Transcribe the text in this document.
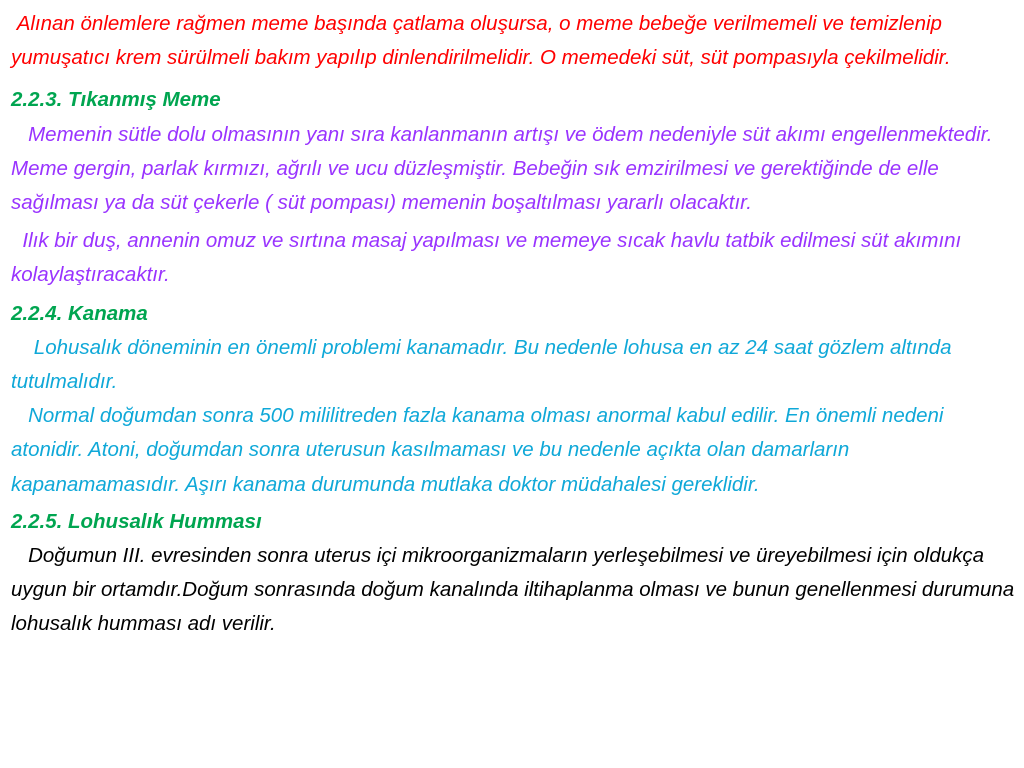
Alınan önlemlere rağmen meme başında çatlama oluşursa, o meme bebeğe verilmemeli ve temizlenip yumuşatıcı krem sürülmeli bakım yapılıp dinlendirilmelidir. O memedeki süt, süt pompasıyla çekilmelidir.

2.2.3. Tıkanmış Meme

Memenin sütle dolu olmasının yanı sıra kanlanmanın artışı ve ödem nedeniyle süt akımı engellenmektedir. Meme gergin, parlak kırmızı, ağrılı ve ucu düzleşmiştir. Bebeğin sık emzirilmesi ve gerektiğinde de elle sağılması ya da süt çekerle ( süt pompası) memenin boşaltılması yararlı olacaktır.

Ilık bir duş, annenin omuz ve sırtına masaj yapılması ve memeye sıcak havlu tatbik edilmesi süt akımını kolaylaştıracaktır.

2.2.4. Kanama

Lohusalık döneminin en önemli problemi kanamadır. Bu nedenle lohusa en az 24 saat gözlem altında tutulmalıdır.

Normal doğumdan sonra 500 mililitreden fazla kanama olması anormal kabul edilir. En önemli nedeni atonidir. Atoni, doğumdan sonra uterusun kasılmaması ve bu nedenle açıkta olan damarların kapanamamasıdır. Aşırı kanama durumunda mutlaka doktor müdahalesi gereklidir.

2.2.5. Lohusalık Humması

Doğumun III. evresinden sonra uterus içi mikroorganizmaların yerleşebilmesi ve üreyebilmesi için oldukça uygun bir ortamdır.Doğum sonrasında doğum kanalında iltihaplanma olması ve bunun genellenmesi durumuna lohusalık humması adı verilir.
